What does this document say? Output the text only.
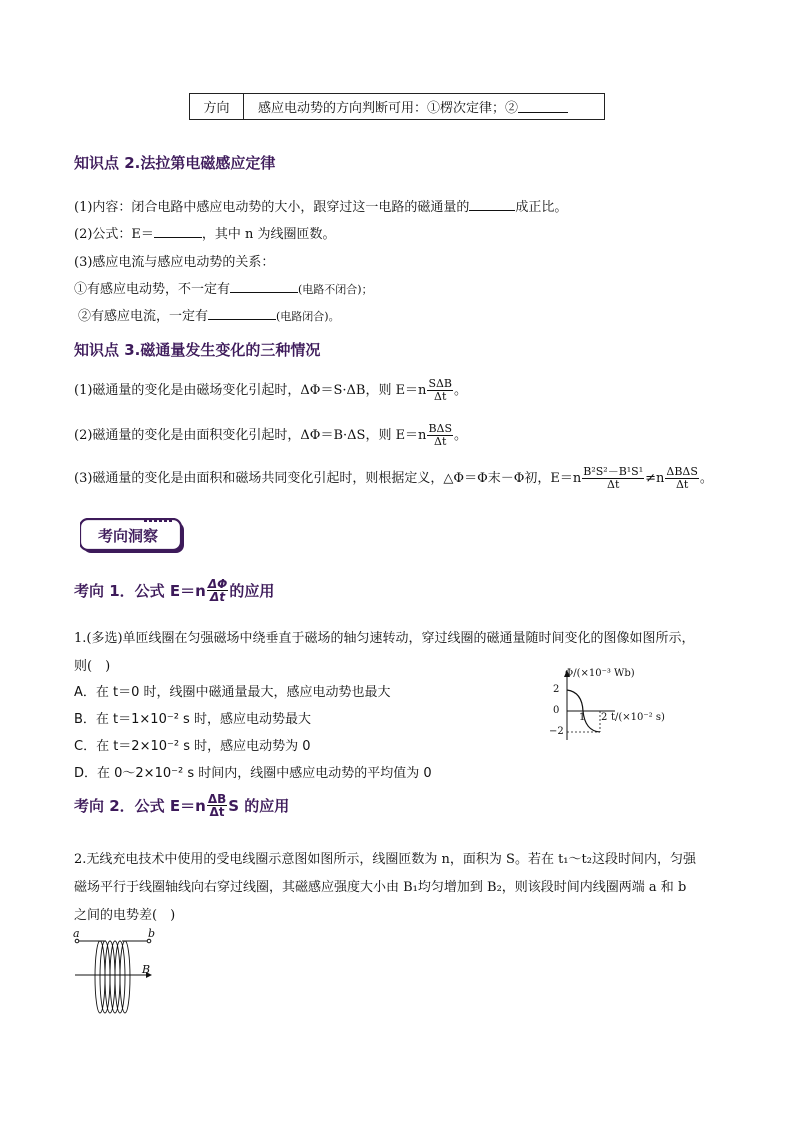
方向	感应电动势的方向判断可用：①楞次定律；②
知识点 2.法拉第电磁感应定律
(1)内容：闭合电路中感应电动势的大小，跟穿过这一电路的磁通量的	成正比。
(2)公式：E＝	，其中 n 为线圈匝数。
(3)感应电流与感应电动势的关系：
①有感应电动势，不一定有	(电路不闭合)；
②有感应电流，一定有	(电路闭合)。
知识点 3.磁通量发生变化的三种情况
(1)磁通量的变化是由磁场变化引起时，ΔΦ＝S·ΔB，则 $E=n \frac{\text{SΔB}}{\Delta t}$ 。
(2)磁通量的变化是由面积变化引起时，ΔΦ＝B·ΔS，则 $E=n \frac{\text{BΔS}}{\Delta t}$ 。
(3)磁通量的变化是由面积和磁场共同变化引起时，则根据定义，△Φ＝Φ末－Φ初，$E=n \frac{\text{B²S²－B¹S¹}}{\Delta t} \ne n \frac{\text{ΔBΔS}}{\Delta t}$ 。
考向洞察
考向 1．公式 $E=n \frac{\Delta\Phi}{\Delta t}$ 的应用
1.(多选)单匝线圈在匀强磁场中绕垂直于磁场的轴匀速转动，穿过线圈的磁通量随时间变化的图像如图所示，
则(　)
A．在 t＝0 时，线圈中磁通量最大，感应电动势也最大
B．在 t＝1×10⁻² s 时，感应电动势最大
C．在 t＝2×10⁻² s 时，感应电动势为 0
D．在 0～2×10⁻² s 时间内，线圈中感应电动势的平均值为 0
Φ/(×10⁻³ Wb)
2
0
−2
1 2 t/(×10⁻² s)
考向 2．公式 $E=n \frac{\Delta B}{\Delta t}$ S 的应用
2.无线充电技术中使用的受电线圈示意图如图所示，线圈匝数为 n，面积为 S。若在 t₁～t₂这段时间内，匀强
磁场平行于线圈轴线向右穿过线圈，其磁感应强度大小由 B₁均匀增加到 B₂，则该段时间内线圈两端 a 和 b
之间的电势差(　)
a	b
B
